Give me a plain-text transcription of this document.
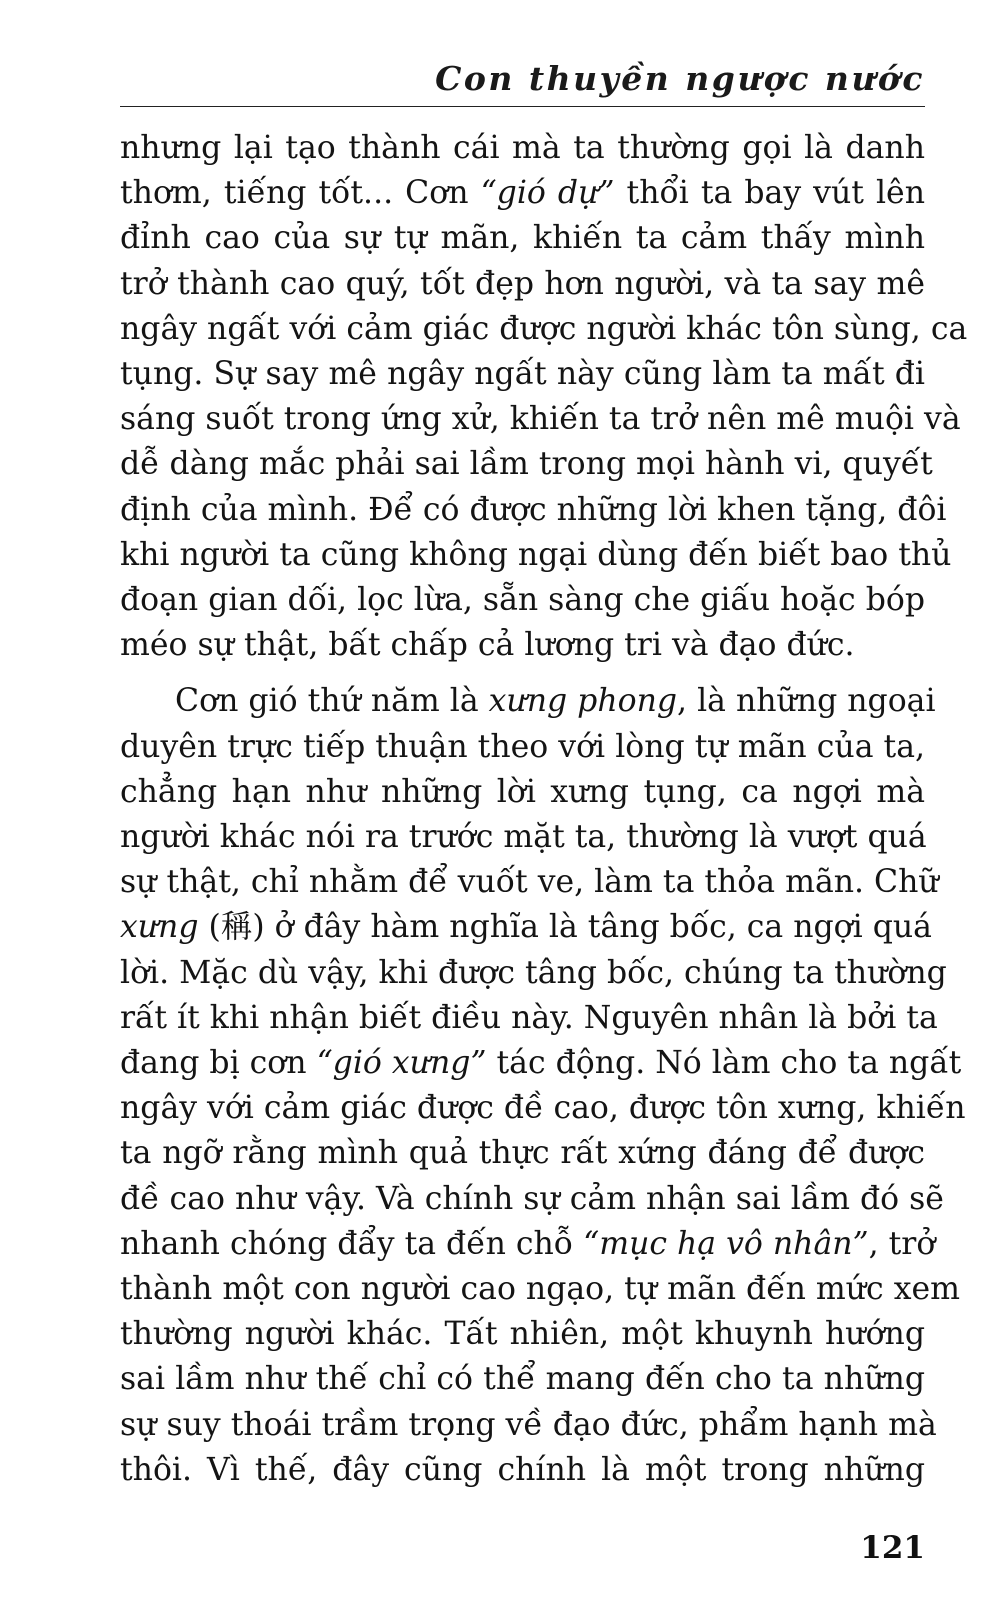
Con thuyền ngược nước
nhưng lại tạo thành cái mà ta thường gọi là danh
thơm, tiếng tốt... Cơn “gió dự” thổi ta bay vút lên
đỉnh cao của sự tự mãn, khiến ta cảm thấy mình
trở thành cao quý, tốt đẹp hơn người, và ta say mê
ngây ngất với cảm giác được người khác tôn sùng, ca
tụng. Sự say mê ngây ngất này cũng làm ta mất đi
sáng suốt trong ứng xử, khiến ta trở nên mê muội và
dễ dàng mắc phải sai lầm trong mọi hành vi, quyết
định của mình. Để có được những lời khen tặng, đôi
khi người ta cũng không ngại dùng đến biết bao thủ
đoạn gian dối, lọc lừa, sẵn sàng che giấu hoặc bóp
méo sự thật, bất chấp cả lương tri và đạo đức.
Cơn gió thứ năm là xưng phong, là những ngoại
duyên trực tiếp thuận theo với lòng tự mãn của ta,
chẳng hạn như những lời xưng tụng, ca ngợi mà
người khác nói ra trước mặt ta, thường là vượt quá
sự thật, chỉ nhằm để vuốt ve, làm ta thỏa mãn. Chữ
xưng (稱) ở đây hàm nghĩa là tâng bốc, ca ngợi quá
lời. Mặc dù vậy, khi được tâng bốc, chúng ta thường
rất ít khi nhận biết điều này. Nguyên nhân là bởi ta
đang bị cơn “gió xưng” tác động. Nó làm cho ta ngất
ngây với cảm giác được đề cao, được tôn xưng, khiến
ta ngỡ rằng mình quả thực rất xứng đáng để được
đề cao như vậy. Và chính sự cảm nhận sai lầm đó sẽ
nhanh chóng đẩy ta đến chỗ “mục hạ vô nhân”, trở
thành một con người cao ngạo, tự mãn đến mức xem
thường người khác. Tất nhiên, một khuynh hướng
sai lầm như thế chỉ có thể mang đến cho ta những
sự suy thoái trầm trọng về đạo đức, phẩm hạnh mà
thôi. Vì thế, đây cũng chính là một trong những
121
